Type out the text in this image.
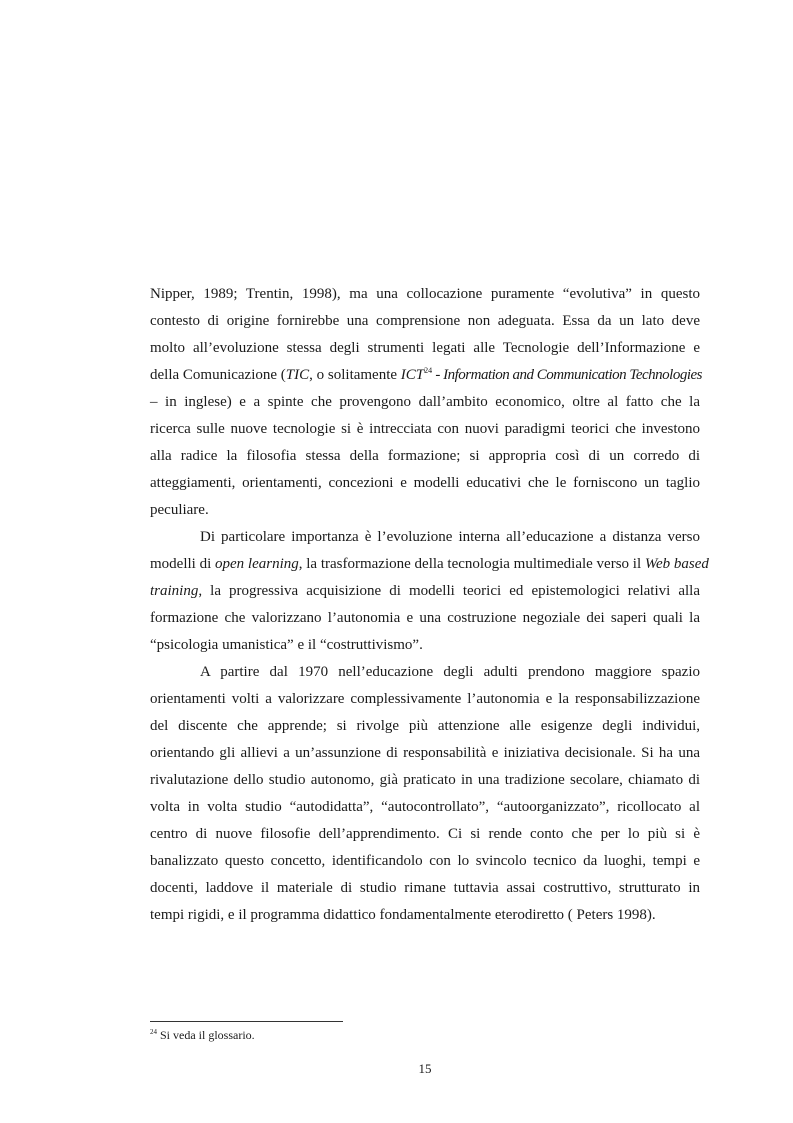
Nipper, 1989; Trentin, 1998), ma una collocazione puramente “evolutiva” in questo
contesto di origine fornirebbe una comprensione non adeguata. Essa da un lato deve
molto all’evoluzione stessa degli strumenti legati alle Tecnologie dell’Informazione e
della Comunicazione (TIC, o solitamente ICT$^{24}$ - Information and Communication Technologies
– in inglese) e a spinte che provengono dall’ambito economico, oltre al fatto che la
ricerca sulle nuove tecnologie si è intrecciata con nuovi paradigmi teorici che investono
alla radice la filosofia stessa della formazione; si appropria così di un corredo di
atteggiamenti, orientamenti, concezioni e modelli educativi che le forniscono un taglio
peculiare.
Di particolare importanza è l’evoluzione interna all’educazione a distanza verso
modelli di open learning, la trasformazione della tecnologia multimediale verso il Web based
training, la progressiva acquisizione di modelli teorici ed epistemologici relativi alla
formazione che valorizzano l’autonomia e una costruzione negoziale dei saperi quali la
“psicologia umanistica” e il “costruttivismo”.
A partire dal 1970 nell’educazione degli adulti prendono maggiore spazio
orientamenti volti a valorizzare complessivamente l’autonomia e la responsabilizzazione
del discente che apprende; si rivolge più attenzione alle esigenze degli individui,
orientando gli allievi a un’assunzione di responsabilità e iniziativa decisionale. Si ha una
rivalutazione dello studio autonomo, già praticato in una tradizione secolare, chiamato di
volta in volta studio “autodidatta”, “autocontrollato”, “autoorganizzato”, ricollocato al
centro di nuove filosofie dell’apprendimento. Ci si rende conto che per lo più si è
banalizzato questo concetto, identificandolo con lo svincolo tecnico da luoghi, tempi e
docenti, laddove il materiale di studio rimane tuttavia assai costruttivo, strutturato in
tempi rigidi, e il programma didattico fondamentalmente eterodiretto ( Peters 1998).
$^{24}$ Si veda il glossario.
15
